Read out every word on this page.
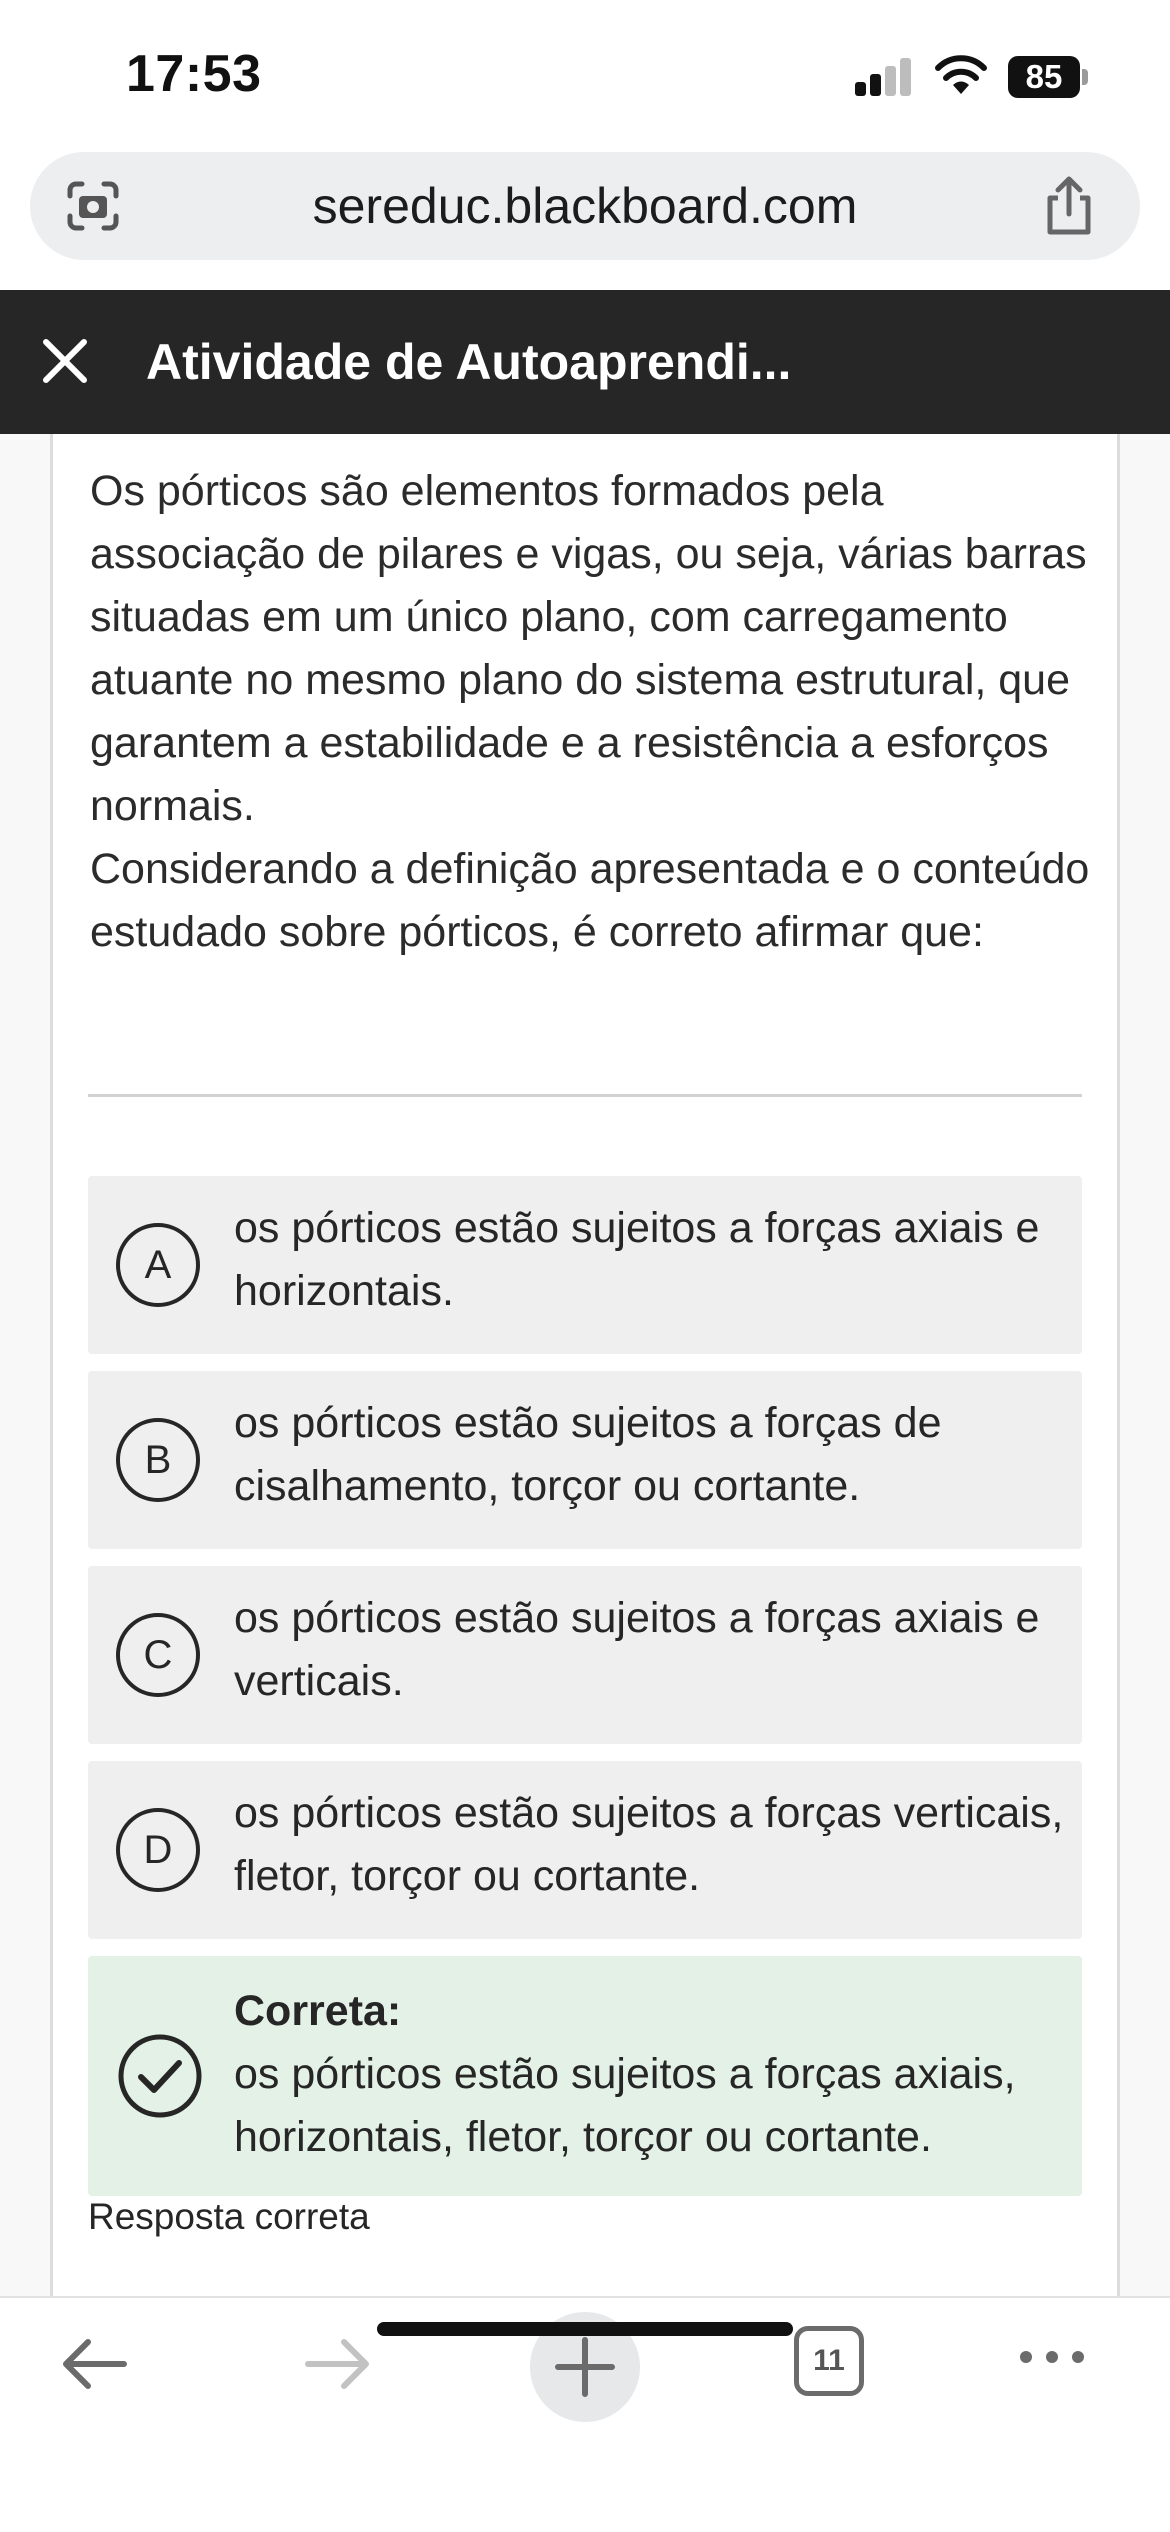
17:53	85
sereduc.blackboard.com
Atividade de Autoaprendi...

Os pórticos são elementos formados pela associação de pilares e vigas, ou seja, várias barras situadas em um único plano, com carregamento atuante no mesmo plano do sistema estrutural, que garantem a estabilidade e a resistência a esforços normais.

Considerando a definição apresentada e o conteúdo estudado sobre pórticos, é correto afirmar que:

A
os pórticos estão sujeitos a forças axiais e horizontais.
B
os pórticos estão sujeitos a forças de cisalhamento, torçor ou cortante.
C
os pórticos estão sujeitos a forças axiais e verticais.
D
os pórticos estão sujeitos a forças verticais, fletor, torçor ou cortante.
Correta:
os pórticos estão sujeitos a forças axiais, horizontais, fletor, torçor ou cortante.
Resposta correta
11
